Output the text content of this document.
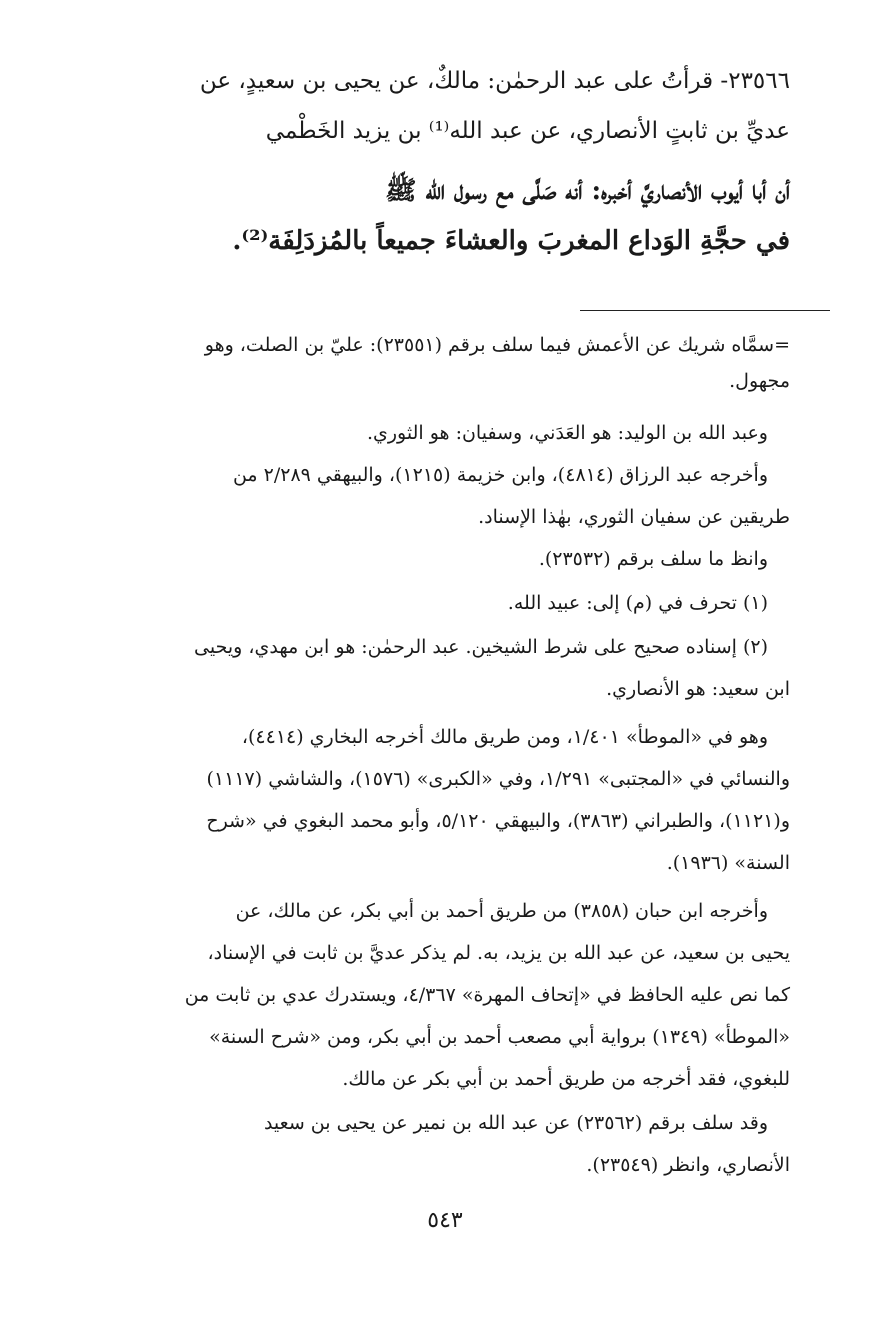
٢٣٥٦٦- قرأتُ على عبد الرحمٰن: مالكٌ، عن يحيى بن سعيدٍ، عن
عديِّ بن ثابتٍ الأنصاري، عن عبد الله⁽¹⁾ بن يزيد الخَطْمي
أن أبا أيوب الأنصاريَّ أخبره: أنه صَلَّى مع رسول الله ﷺ
في حجَّةِ الوَداع المغربَ والعشاءَ جميعاً بالمُزدَلِفَة⁽²⁾.
=سمَّاه شريك عن الأعمش فيما سلف برقم (٢٣٥٥١): عليّ بن الصلت، وهو
مجهول.
وعبد الله بن الوليد: هو العَدَني، وسفيان: هو الثوري.
وأخرجه عبد الرزاق (٤٨١٤)، وابن خزيمة (١٢١٥)، والبيهقي ٢/٢٨٩ من
طريقين عن سفيان الثوري، بهٰذا الإسناد.
وانظ ما سلف برقم (٢٣٥٣٢).
(١) تحرف في (م) إلى: عبيد الله.
(٢) إسناده صحيح على شرط الشيخين. عبد الرحمٰن: هو ابن مهدي، ويحيى
ابن سعيد: هو الأنصاري.
وهو في «الموطأ» ١/٤٠١، ومن طريق مالك أخرجه البخاري (٤٤١٤)،
والنسائي في «المجتبى» ١/٢٩١، وفي «الكبرى» (١٥٧٦)، والشاشي (١١١٧)
و(١١٢١)، والطبراني (٣٨٦٣)، والبيهقي ٥/١٢٠، وأبو محمد البغوي في «شرح
السنة» (١٩٣٦).
وأخرجه ابن حبان (٣٨٥٨) من طريق أحمد بن أبي بكر، عن مالك، عن
يحيى بن سعيد، عن عبد الله بن يزيد، به. لم يذكر عديَّ بن ثابت في الإسناد،
كما نص عليه الحافظ في «إتحاف المهرة» ٤/٣٦٧، ويستدرك عدي بن ثابت من
«الموطأ» (١٣٤٩) برواية أبي مصعب أحمد بن أبي بكر، ومن «شرح السنة»
للبغوي، فقد أخرجه من طريق أحمد بن أبي بكر عن مالك.
وقد سلف برقم (٢٣٥٦٢) عن عبد الله بن نمير عن يحيى بن سعيد
الأنصاري، وانظر (٢٣٥٤٩).
٥٤٣
